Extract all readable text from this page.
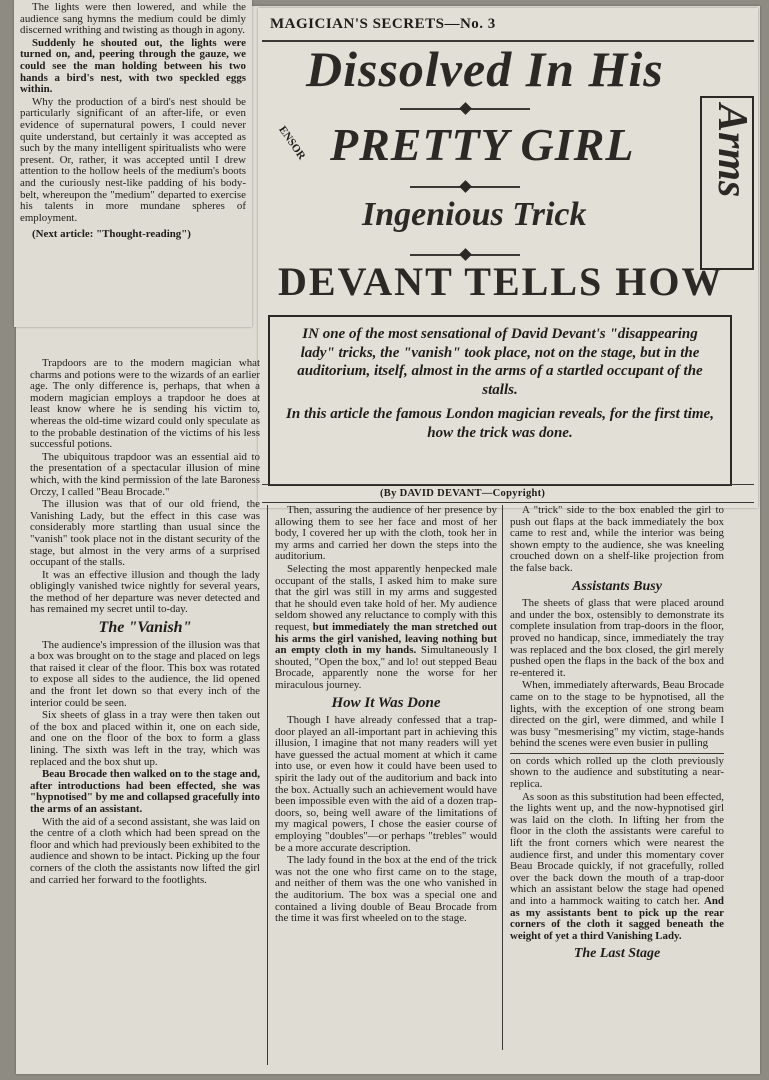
The lights were then lowered, and while the audience sang hymns the medium could be dimly discerned writhing and twisting as though in agony.

Suddenly he shouted out, the lights were turned on, and, peering through the gauze, we could see the man holding between his two hands a bird's nest, with two speckled eggs within.

Why the production of a bird's nest should be particularly significant of an after-life, or even evidence of supernatural powers, I could never quite understand, but certainly it was accepted as such by the many intelligent spiritualists who were present. Or, rather, it was accepted until I drew attention to the hollow heels of the medium's boots and the curiously nest-like padding of his body-belt, whereupon the "medium" departed to exercise his talents in more mundane spheres of employment.

(Next article: "Thought-reading")

MAGICIAN'S SECRETS—No. 3
Dissolved In His
PRETTY GIRL
ENSOR	Arms
Ingenious Trick
DEVANT TELLS HOW

IN one of the most sensational of David Devant's "disappearing lady" tricks, the "vanish" took place, not on the stage, but in the auditorium, itself, almost in the arms of a startled occupant of the stalls.

In this article the famous London magician reveals, for the first time, how the trick was done.

(By DAVID DEVANT—Copyright)

Trapdoors are to the modern magician what charms and potions were to the wizards of an earlier age. The only difference is, perhaps, that when a modern magician employs a trapdoor he does at least know where he is sending his victim to, whereas the old-time wizard could only speculate as to the probable destination of the victims of his less successful potions.

The ubiquitous trapdoor was an essential aid to the presentation of a spectacular illusion of mine which, with the kind permission of the late Baroness Orczy, I called "Beau Brocade."

The illusion was that of our old friend, the Vanishing Lady, but the effect in this case was considerably more startling than usual since the "vanish" took place not in the distant security of the stage, but almost in the very arms of a surprised occupant of the stalls.

It was an effective illusion and though the lady obligingly vanished twice nightly for several years, the method of her departure was never detected and has remained my secret until to-day.

The "Vanish"

The audience's impression of the illusion was that a box was brought on to the stage and placed on legs that raised it clear of the floor. This box was rotated to expose all sides to the audience, the lid opened and the front let down so that every inch of the interior could be seen.

Six sheets of glass in a tray were then taken out of the box and placed within it, one on each side, and one on the floor of the box to form a glass lining. The sixth was left in the tray, which was replaced and the box shut up.

Beau Brocade then walked on to the stage and, after introductions had been effected, she was "hypnotised" by me and collapsed gracefully into the arms of an assistant.

With the aid of a second assistant, she was laid on the centre of a cloth which had been spread on the floor and which had previously been exhibited to the audience and shown to be intact. Picking up the four corners of the cloth the assistants now lifted the girl and carried her forward to the footlights.

Then, assuring the audience of her presence by allowing them to see her face and most of her body, I covered her up with the cloth, took her in my arms and carried her down the steps into the auditorium.

Selecting the most apparently henpecked male occupant of the stalls, I asked him to make sure that the girl was still in my arms and suggested that he should even take hold of her. My audience seldom showed any reluctance to comply with this request, but immediately the man stretched out his arms the girl vanished, leaving nothing but an empty cloth in my hands. Simultaneously I shouted, "Open the box," and lo! out stepped Beau Brocade, apparently none the worse for her miraculous journey.

How It Was Done

Though I have already confessed that a trap-door played an all-important part in achieving this illusion, I imagine that not many readers will yet have guessed the actual moment at which it came into use, or even how it could have been used to spirit the lady out of the auditorium and back into the box. Actually such an achievement would have been impossible even with the aid of a dozen trap-doors, so, being well aware of the limitations of my magical powers, I chose the easier course of employing "doubles"—or perhaps "trebles" would be a more accurate description.

The lady found in the box at the end of the trick was not the one who first came on to the stage, and neither of them was the one who vanished in the auditorium. The box was a special one and contained a living double of Beau Brocade from the time it was first wheeled on to the stage.

A "trick" side to the box enabled the girl to push out flaps at the back immediately the box came to rest and, while the interior was being shown empty to the audience, she was kneeling crouched down on a shelf-like projection from the false back.

Assistants Busy

The sheets of glass that were placed around and under the box, ostensibly to demonstrate its complete insulation from trap-doors in the floor, proved no handicap, since, immediately the tray was replaced and the box closed, the girl merely pushed open the flaps in the back of the box and re-entered it.

When, immediately afterwards, Beau Brocade came on to the stage to be hypnotised, all the lights, with the exception of one strong beam directed on the girl, were dimmed, and while I was busy "mesmerising" my victim, stage-hands behind the scenes were even busier in pulling

on cords which rolled up the cloth previously shown to the audience and substituting a near-replica.

As soon as this substitution had been effected, the lights went up, and the now-hypnotised girl was laid on the cloth. In lifting her from the floor in the cloth the assistants were careful to lift the front corners which were nearest the audience first, and under this momentary cover Beau Brocade quickly, if not gracefully, rolled over the back down the mouth of a trap-door which an assistant below the stage had opened and into a hammock waiting to catch her. And as my assistants bent to pick up the rear corners of the cloth it sagged beneath the weight of yet a third Vanishing Lady.

The Last Stage
